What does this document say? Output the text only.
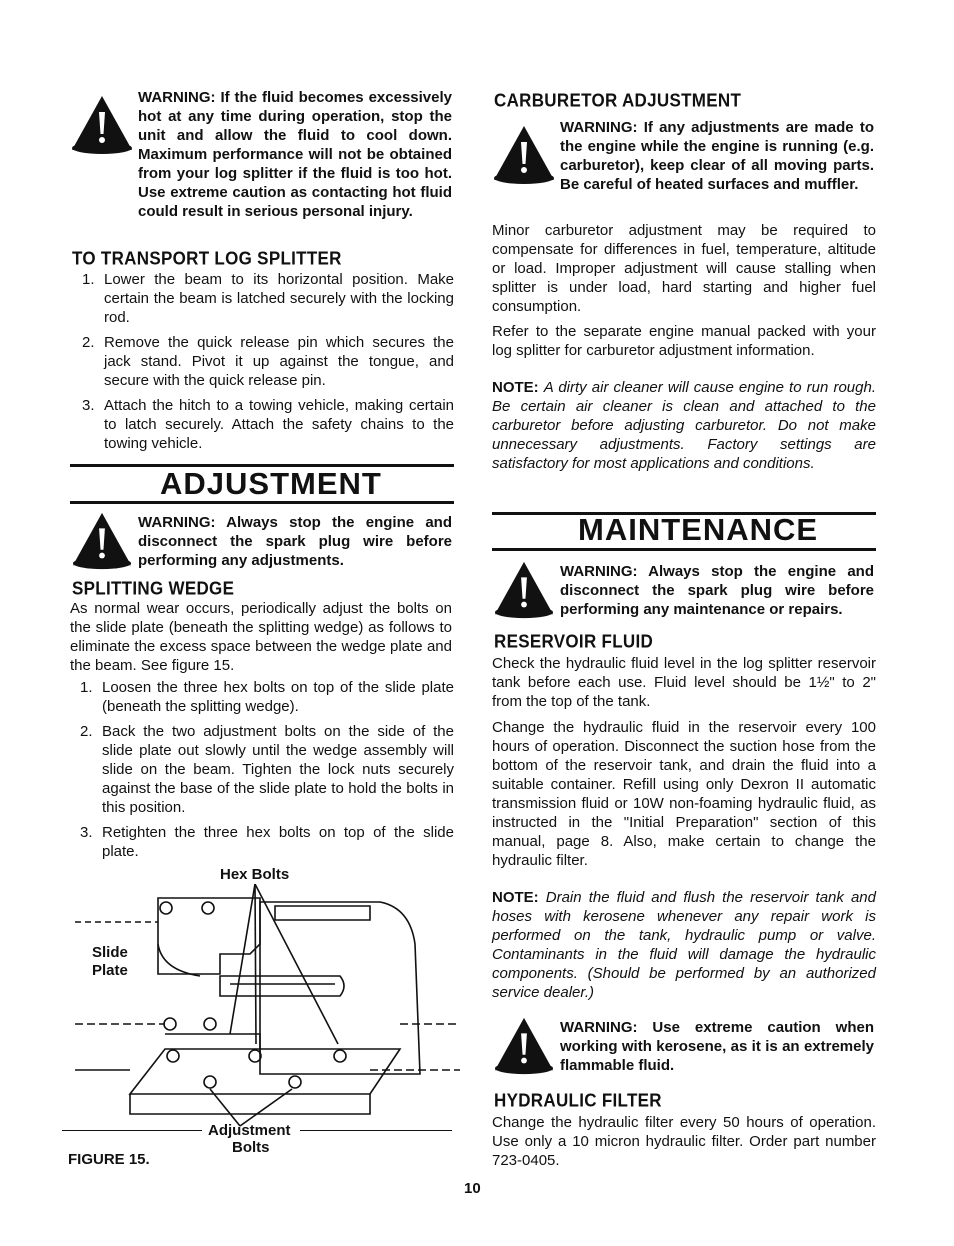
WARNING: If the fluid becomes excessively hot at any time during operation, stop the unit and allow the fluid to cool down. Maximum performance will not be obtained from your log splitter if the fluid is too hot. Use extreme caution as contacting hot fluid could result in serious personal injury.
TO TRANSPORT LOG SPLITTER
1. Lower the beam to its horizontal position. Make certain the beam is latched securely with the locking rod.
2. Remove the quick release pin which secures the jack stand. Pivot it up against the tongue, and secure with the quick release pin.
3. Attach the hitch to a towing vehicle, making certain to latch securely. Attach the safety chains to the towing vehicle.
ADJUSTMENT
WARNING: Always stop the engine and disconnect the spark plug wire before performing any adjustments.
SPLITTING WEDGE
As normal wear occurs, periodically adjust the bolts on the slide plate (beneath the splitting wedge) as follows to eliminate the excess space between the wedge plate and the beam. See figure 15.
1. Loosen the three hex bolts on top of the slide plate (beneath the splitting wedge).
2. Back the two adjustment bolts on the side of the slide plate out slowly until the wedge assembly will slide on the beam. Tighten the lock nuts securely against the base of the slide plate to hold the bolts in this position.
3. Retighten the three hex bolts on top of the slide plate.
Hex Bolts
Slide
Plate
Adjustment
Bolts
FIGURE 15.
CARBURETOR ADJUSTMENT
WARNING: If any adjustments are made to the engine while the engine is running (e.g. carburetor), keep clear of all moving parts. Be careful of heated surfaces and muffler.
Minor carburetor adjustment may be required to compensate for differences in fuel, temperature, altitude or load. Improper adjustment will cause stalling when splitter is under load, hard starting and higher fuel consumption.
Refer to the separate engine manual packed with your log splitter for carburetor adjustment information.
NOTE: A dirty air cleaner will cause engine to run rough. Be certain air cleaner is clean and attached to the carburetor before adjusting carburetor. Do not make unnecessary adjustments. Factory settings are satisfactory for most applications and conditions.
MAINTENANCE
WARNING: Always stop the engine and disconnect the spark plug wire before performing any maintenance or repairs.
RESERVOIR FLUID
Check the hydraulic fluid level in the log splitter reservoir tank before each use. Fluid level should be 1½" to 2" from the top of the tank.
Change the hydraulic fluid in the reservoir every 100 hours of operation. Disconnect the suction hose from the bottom of the reservoir tank, and drain the fluid into a suitable container. Refill using only Dexron II automatic transmission fluid or 10W non-foaming hydraulic fluid, as instructed in the "Initial Preparation" section of this manual, page 8. Also, make certain to change the hydraulic filter.
NOTE: Drain the fluid and flush the reservoir tank and hoses with kerosene whenever any repair work is performed on the tank, hydraulic pump or valve. Contaminants in the fluid will damage the hydraulic components. (Should be performed by an authorized service dealer.)
WARNING: Use extreme caution when working with kerosene, as it is an extremely flammable fluid.
HYDRAULIC FILTER
Change the hydraulic filter every 50 hours of operation. Use only a 10 micron hydraulic filter. Order part number 723-0405.
10
